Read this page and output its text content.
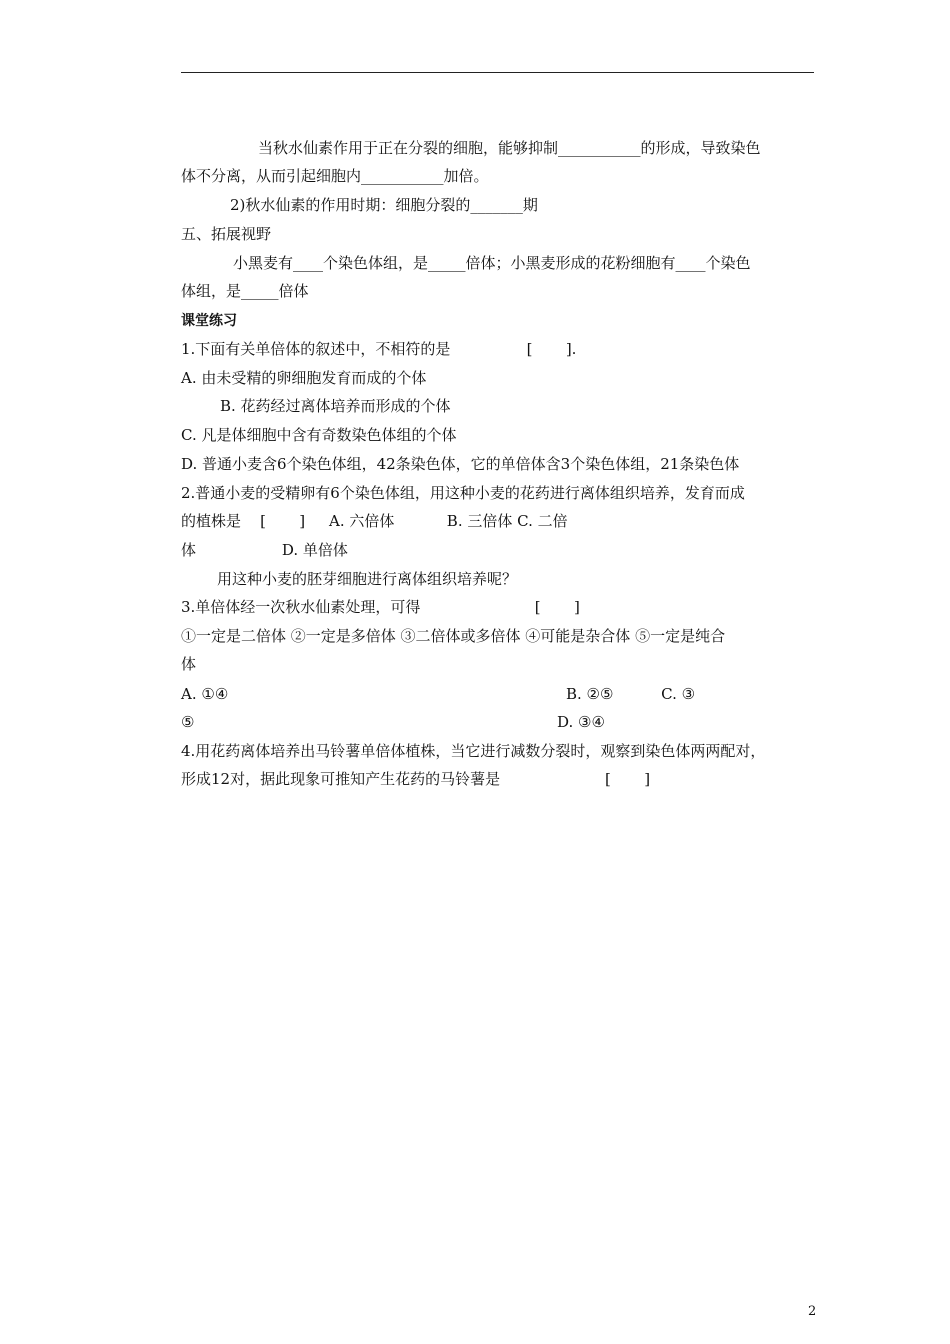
当秋水仙素作用于正在分裂的细胞，能够抑制___________的形成，导致染色
体不分离，从而引起细胞内___________加倍。
2)秋水仙素的作用时期：细胞分裂的_______期
五、拓展视野
小黑麦有____个染色体组，是_____倍体；小黑麦形成的花粉细胞有____个染色
体组，是_____倍体
课堂练习
1.下面有关单倍体的叙述中，不相符的是                [       ].
A. 由未受精的卵细胞发育而成的个体
B. 花药经过离体培养而形成的个体
C. 凡是体细胞中含有奇数染色体组的个体
D. 普通小麦含6个染色体组，42条染色体，它的单倍体含3个染色体组，21条染色体
2.普通小麦的受精卵有6个染色体组，用这种小麦的花药进行离体组织培养，发育而成
的植株是    [       ]     A. 六倍体           B. 三倍体 C. 二倍
体                  D. 单倍体
用这种小麦的胚芽细胞进行离体组织培养呢？
3.单倍体经一次秋水仙素处理，可得                        [       ]
①一定是二倍体 ②一定是多倍体 ③二倍体或多倍体 ④可能是杂合体 ⑤一定是纯合
体
A. ①④	B. ②⑤          C. ③
⑤	D. ③④
4.用花药离体培养出马铃薯单倍体植株，当它进行减数分裂时，观察到染色体两两配对，
形成12对，据此现象可推知产生花药的马铃薯是                      [       ]
2
